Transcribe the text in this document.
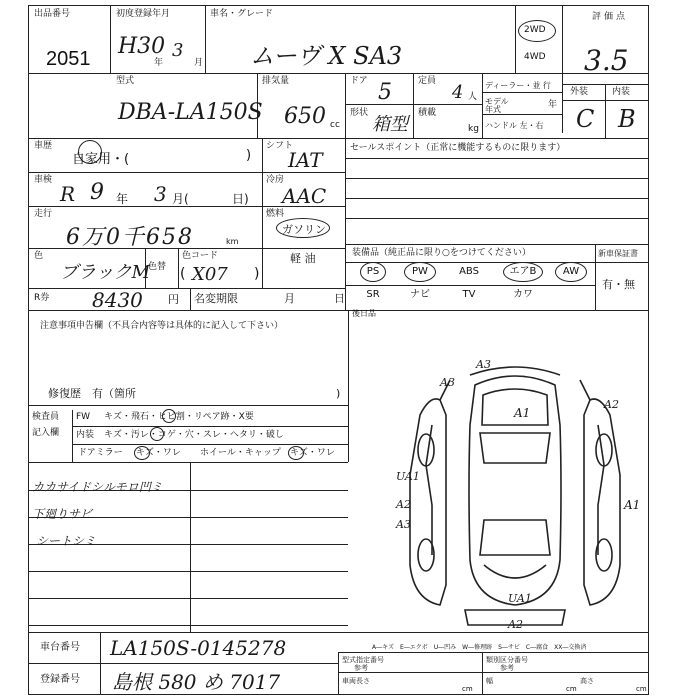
出品番号
2051
初度登録年月
H30
年
3
月
車名・グレード
ムーヴ X SA3
2WD
4WD
評価点
3.5
外装	内装
C B
型式
DBA-LA150S
排気量
650 cc
ドア 5	定員
4 人
ディーラー・並 行
モデル年式	年
形状
箱型
積載
kg ハンドル 左・右
車歴
自家用・(	)
シフト
IAT
車検
R 9 年 3 月(	日)
冷房
AAC
走行
6万0千658	km
燃料
ガソリン
軽 油
色
ブラックM
色替
色コード
X07
(	)
R券 8430 円 名変期限	月	日
セールスポイント（正常に機能するものに限ります）
装備品（純正品に限り○をつけてください）	新車保証書
有・無
後日品
PS	PW	ABS	エアB	AW
SR	ナビ	TV	カワ
注意事項申告欄（不具合内容等は具体的に記入して下さい）
修復歴　有（箇所	)
検査員
記入欄
FW キズ・飛石・ヒビ割・リペア跡・X要
内装 キズ・汚レ・コゲ・穴・スレ・ヘタリ・破し
ドアミラー キズ・ワレ ホイール・キャップ キズ・ワレ
カカサイドシルモロ凹ミ
下廻りサビ
シートシミ
A3
A3
A1
A2
UA1
A2
A3
A1
UA1
A2
A―キズ　E―エクボ　U―凹み　W―修理跡　S―サビ　C―腐食　XX―交換済
車台番号 LA150S-0145278
登録番号 島根 580 め 7017
型式指定番号
参考
類別区分番号
参考
車両長さ
cm
幅
cm
高さ
cm
